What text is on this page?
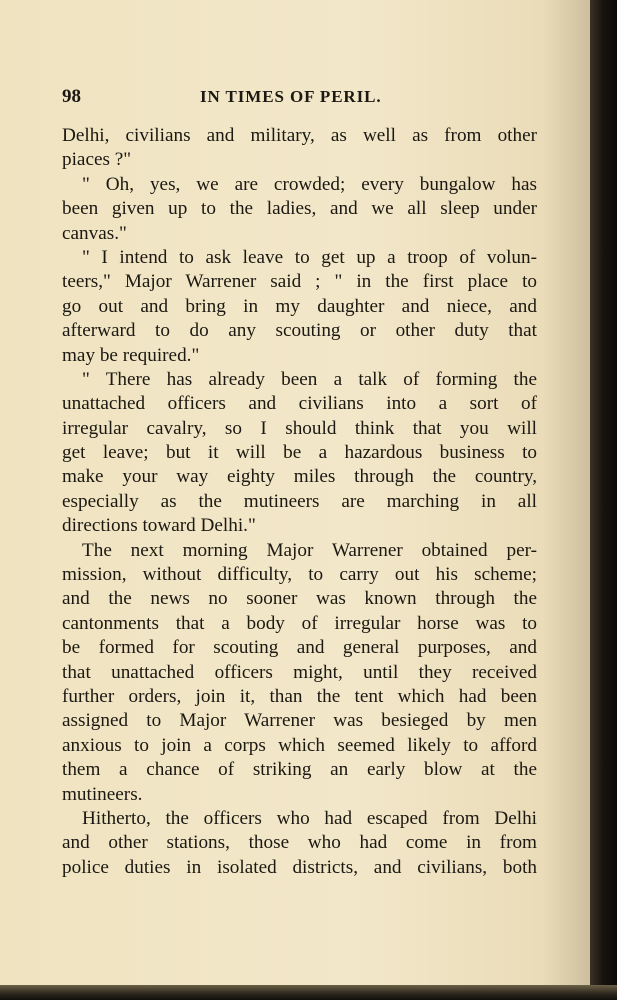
98	IN TIMES OF PERIL.
Delhi, civilians and military, as well as from other
piaces ?"
" Oh, yes, we are crowded; every bungalow has
been given up to the ladies, and we all sleep under
canvas."
" I intend to ask leave to get up a troop of volun-
teers," Major Warrener said ; " in the first place to
go out and bring in my daughter and niece, and
afterward to do any scouting or other duty that
may be required."
" There has already been a talk of forming the
unattached officers and civilians into a sort of
irregular cavalry, so I should think that you will
get leave; but it will be a hazardous business to
make your way eighty miles through the country,
especially as the mutineers are marching in all
directions toward Delhi."
The next morning Major Warrener obtained per-
mission, without difficulty, to carry out his scheme;
and the news no sooner was known through the
cantonments that a body of irregular horse was to
be formed for scouting and general purposes, and
that unattached officers might, until they received
further orders, join it, than the tent which had been
assigned to Major Warrener was besieged by men
anxious to join a corps which seemed likely to afford
them a chance of striking an early blow at the
mutineers.
Hitherto, the officers who had escaped from Delhi
and other stations, those who had come in from
police duties in isolated districts, and civilians, both
